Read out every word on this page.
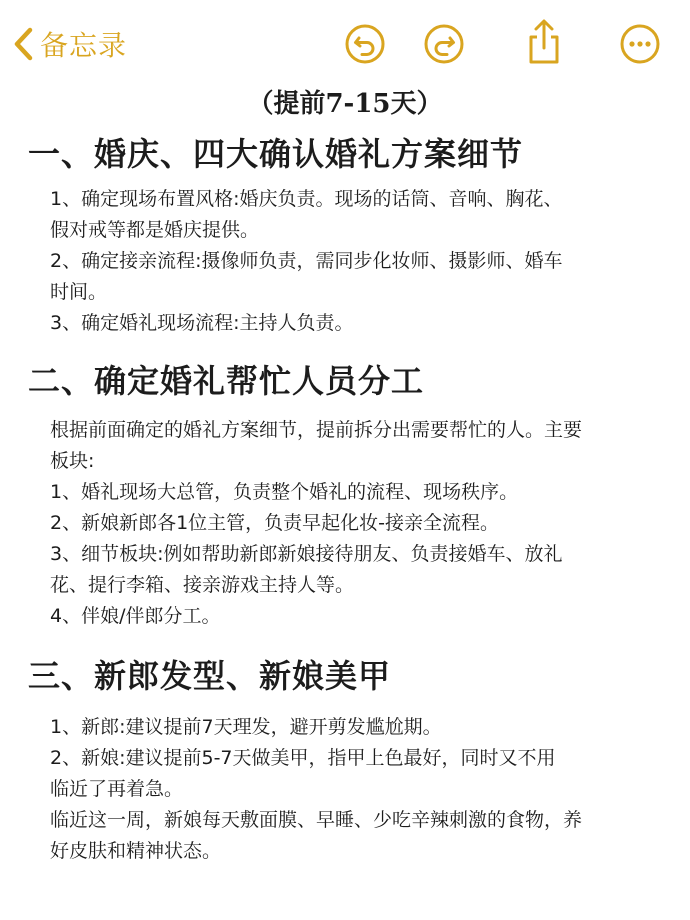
备忘录

（提前7-15天）

一、婚庆、四大确认婚礼方案细节

1、确定现场布置风格:婚庆负责。现场的话筒、音响、胸花、
假对戒等都是婚庆提供。

2、确定接亲流程:摄像师负责，需同步化妆师、摄影师、婚车
时间。

3、确定婚礼现场流程:主持人负责。

二、确定婚礼帮忙人员分工

根据前面确定的婚礼方案细节，提前拆分出需要帮忙的人。主要
板块:

1、婚礼现场大总管，负责整个婚礼的流程、现场秩序。

2、新娘新郎各1位主管，负责早起化妆-接亲全流程。

3、细节板块:例如帮助新郎新娘接待朋友、负责接婚车、放礼
花、提行李箱、接亲游戏主持人等。

4、伴娘/伴郎分工。

三、新郎发型、新娘美甲

1、新郎:建议提前7天理发，避开剪发尴尬期。

2、新娘:建议提前5-7天做美甲，指甲上色最好，同时又不用
临近了再着急。

临近这一周，新娘每天敷面膜、早睡、少吃辛辣刺激的食物，养
好皮肤和精神状态。
